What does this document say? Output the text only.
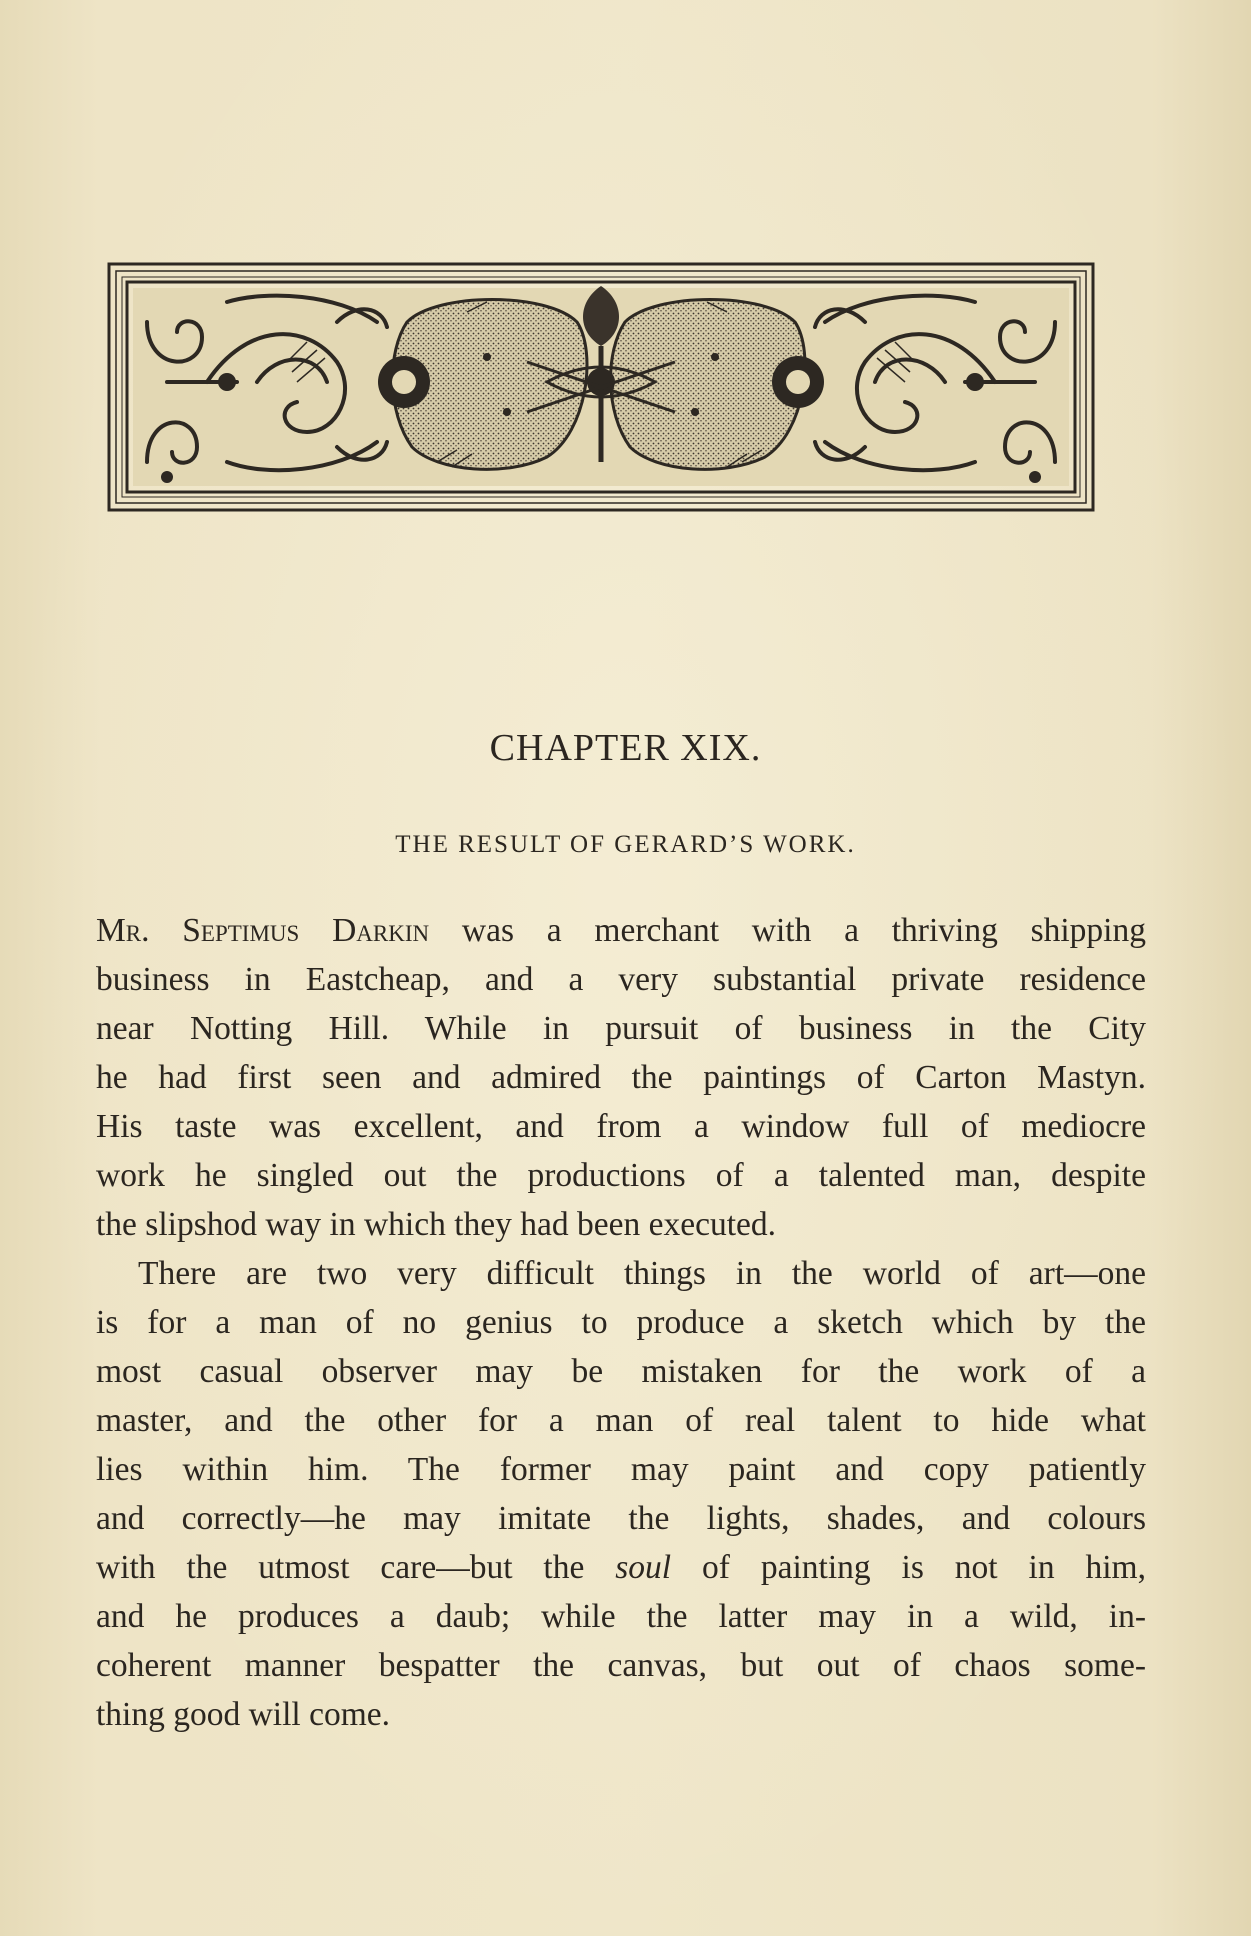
CHAPTER XIX.
THE RESULT OF GERARD’S WORK.
Mr. Septimus Darkin was a merchant with a thriving shipping
business in Eastcheap, and a very substantial private residence
near Notting Hill. While in pursuit of business in the City
he had first seen and admired the paintings of Carton Mastyn.
His taste was excellent, and from a window full of mediocre
work he singled out the productions of a talented man, despite
the slipshod way in which they had been executed.
There are two very difficult things in the world of art—one
is for a man of no genius to produce a sketch which by the
most casual observer may be mistaken for the work of a
master, and the other for a man of real talent to hide what
lies within him. The former may paint and copy patiently
and correctly—he may imitate the lights, shades, and colours
with the utmost care—but the soul of painting is not in him,
and he produces a daub; while the latter may in a wild, in-
coherent manner bespatter the canvas, but out of chaos some-
thing good will come.
